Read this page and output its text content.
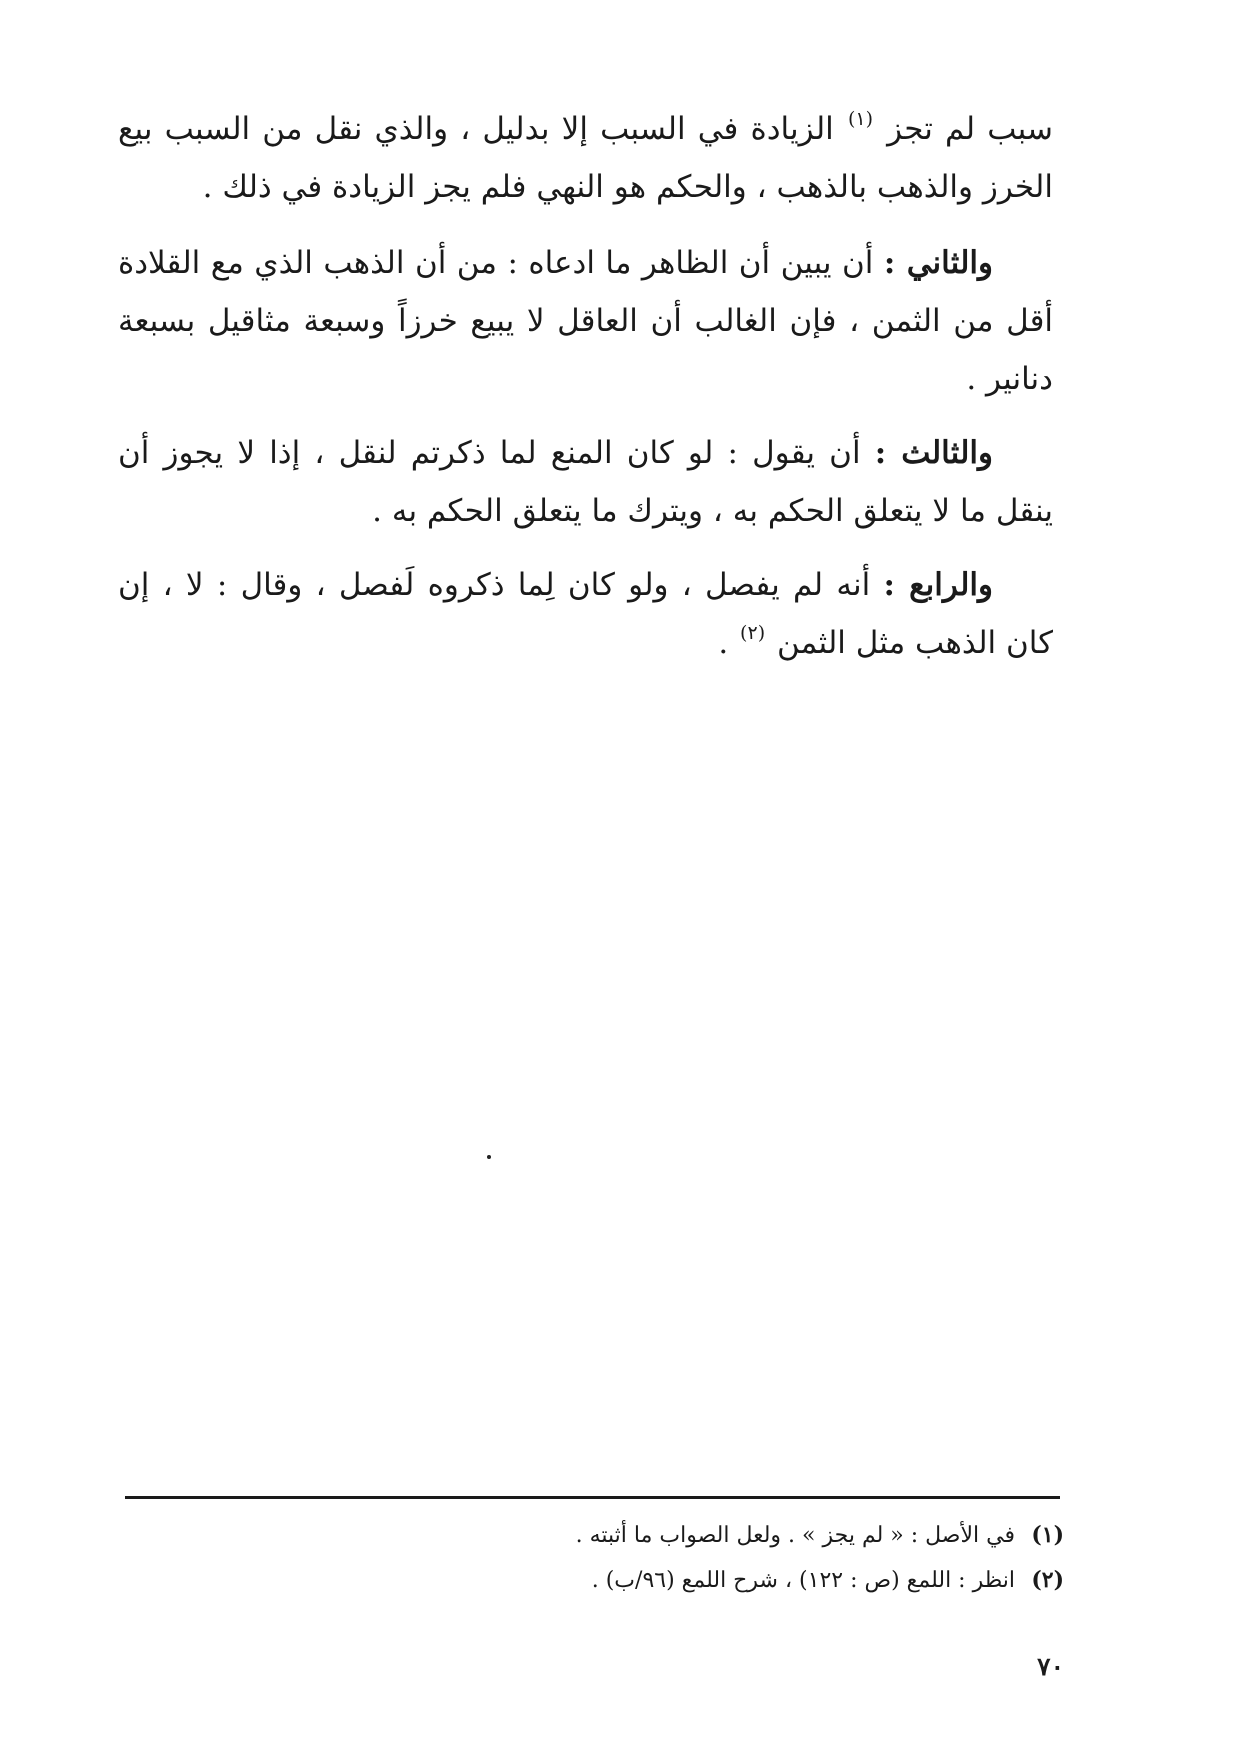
سبب لم تجز $^{(١)}$ الزيادة في السبب إلا بدليل ، والذي نقل من السبب بيع الخرز والذهب بالذهب ، والحكم هو النهي فلم يجز الزيادة في ذلك .

والثاني : أن يبين أن الظاهر ما ادعاه : من أن الذهب الذي مع القلادة أقل من الثمن ، فإن الغالب أن العاقل لا يبيع خرزاً وسبعة مثاقيل بسبعة دنانير .

والثالث : أن يقول : لو كان المنع لما ذكرتم لنقل ، إذا لا يجوز أن ينقل ما لا يتعلق الحكم به ، ويترك ما يتعلق الحكم به .

والرابع : أنه لم يفصل ، ولو كان لِما ذكروه لَفصل ، وقال : لا ، إن كان الذهب مثل الثمن $^{(٢)}$ .

(١) في الأصل : « لم يجز » . ولعل الصواب ما أثبته .
(٢) انظر : اللمع (ص : ١٢٢) ، شرح اللمع (٩٦/ب) .
٧٠
